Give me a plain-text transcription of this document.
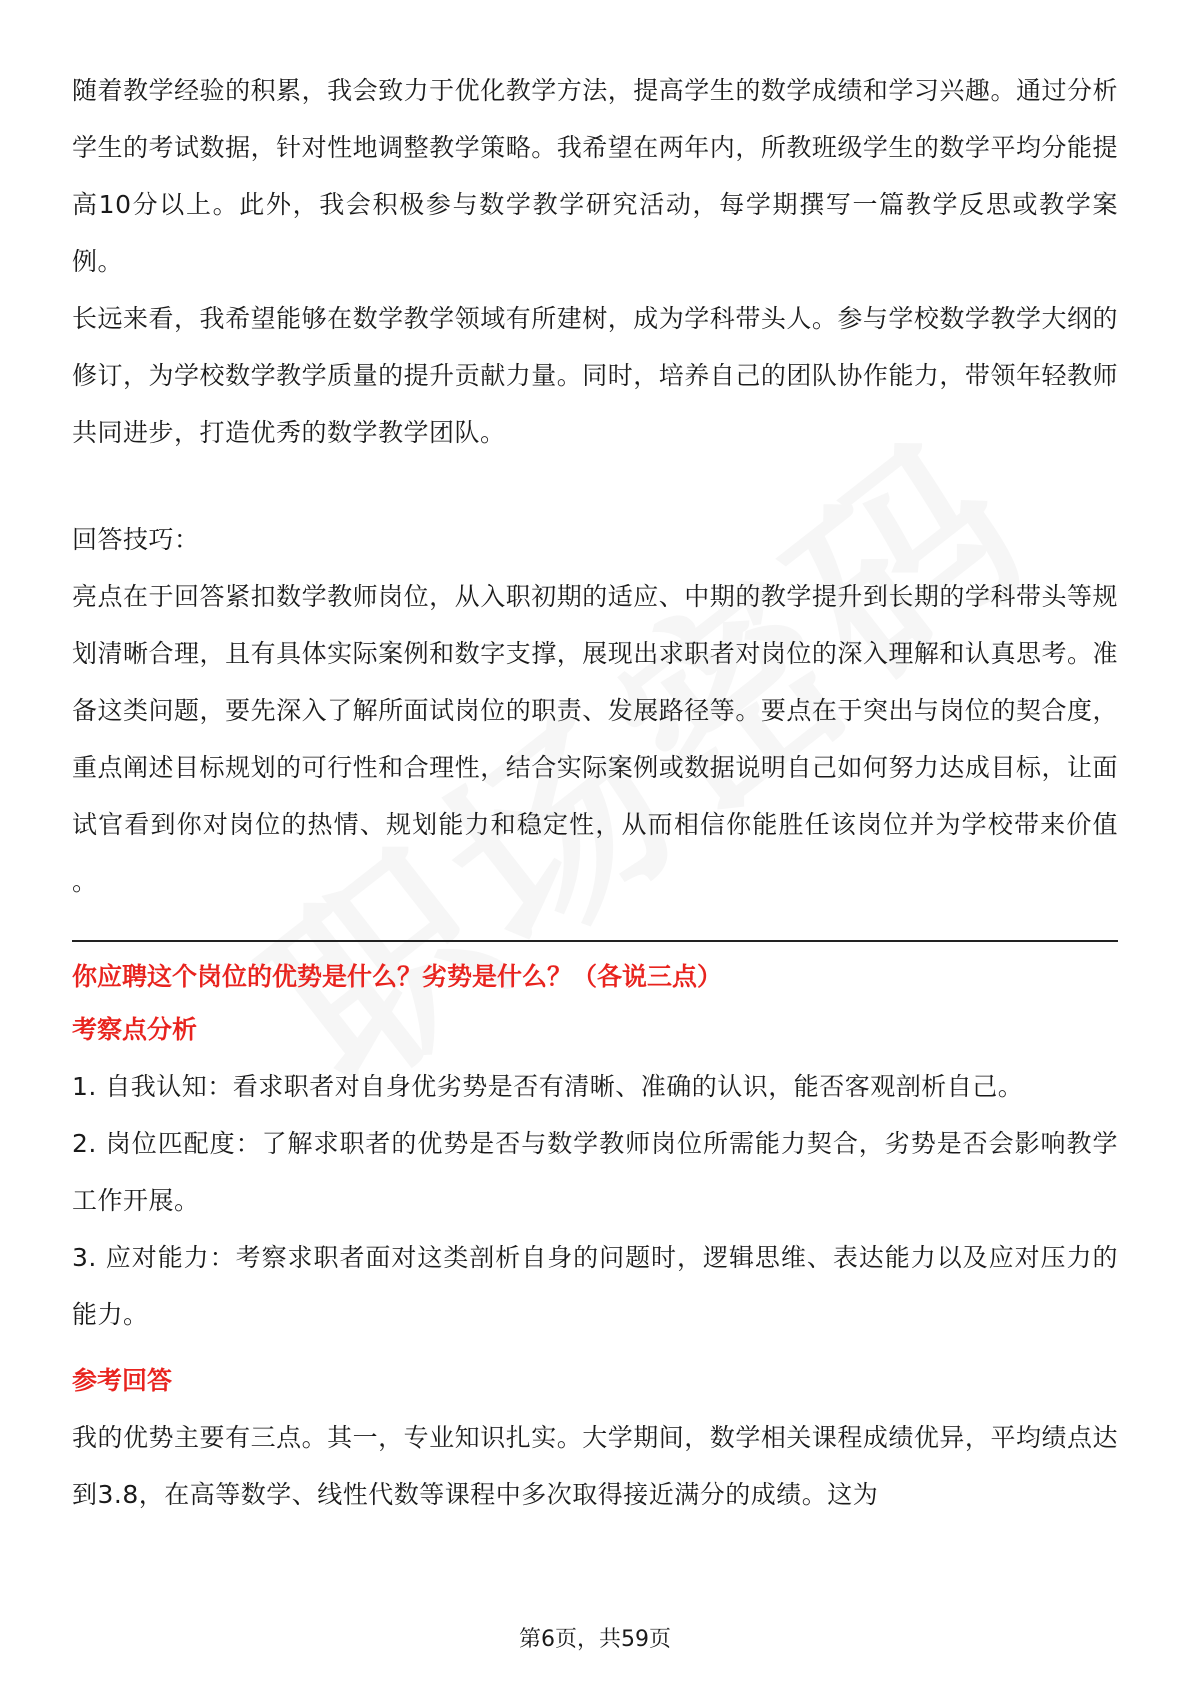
随着教学经验的积累，我会致力于优化教学方法，提高学生的数学成绩和学习兴趣。通过分析学生的考试数据，针对性地调整教学策略。我希望在两年内，所教班级学生的数学平均分能提高10分以上。此外，我会积极参与数学教学研究活动，每学期撰写一篇教学反思或教学案例。

长远来看，我希望能够在数学教学领域有所建树，成为学科带头人。参与学校数学教学大纲的修订，为学校数学教学质量的提升贡献力量。同时，培养自己的团队协作能力，带领年轻教师共同进步，打造优秀的数学教学团队。

回答技巧：

亮点在于回答紧扣数学教师岗位，从入职初期的适应、中期的教学提升到长期的学科带头等规划清晰合理，且有具体实际案例和数字支撑，展现出求职者对岗位的深入理解和认真思考。准备这类问题，要先深入了解所面试岗位的职责、发展路径等。要点在于突出与岗位的契合度，重点阐述目标规划的可行性和合理性，结合实际案例或数据说明自己如何努力达成目标，让面试官看到你对岗位的热情、规划能力和稳定性，从而相信你能胜任该岗位并为学校带来价值 。

你应聘这个岗位的优势是什么？劣势是什么？（各说三点）

考察点分析

1. 自我认知：看求职者对自身优劣势是否有清晰、准确的认识，能否客观剖析自己。

2. 岗位匹配度：了解求职者的优势是否与数学教师岗位所需能力契合，劣势是否会影响教学工作开展。

3. 应对能力：考察求职者面对这类剖析自身的问题时，逻辑思维、表达能力以及应对压力的能力。

参考回答

我的优势主要有三点。其一，专业知识扎实。大学期间，数学相关课程成绩优异，平均绩点达到3.8，在高等数学、线性代数等课程中多次取得接近满分的成绩。这为

第6页，共59页
